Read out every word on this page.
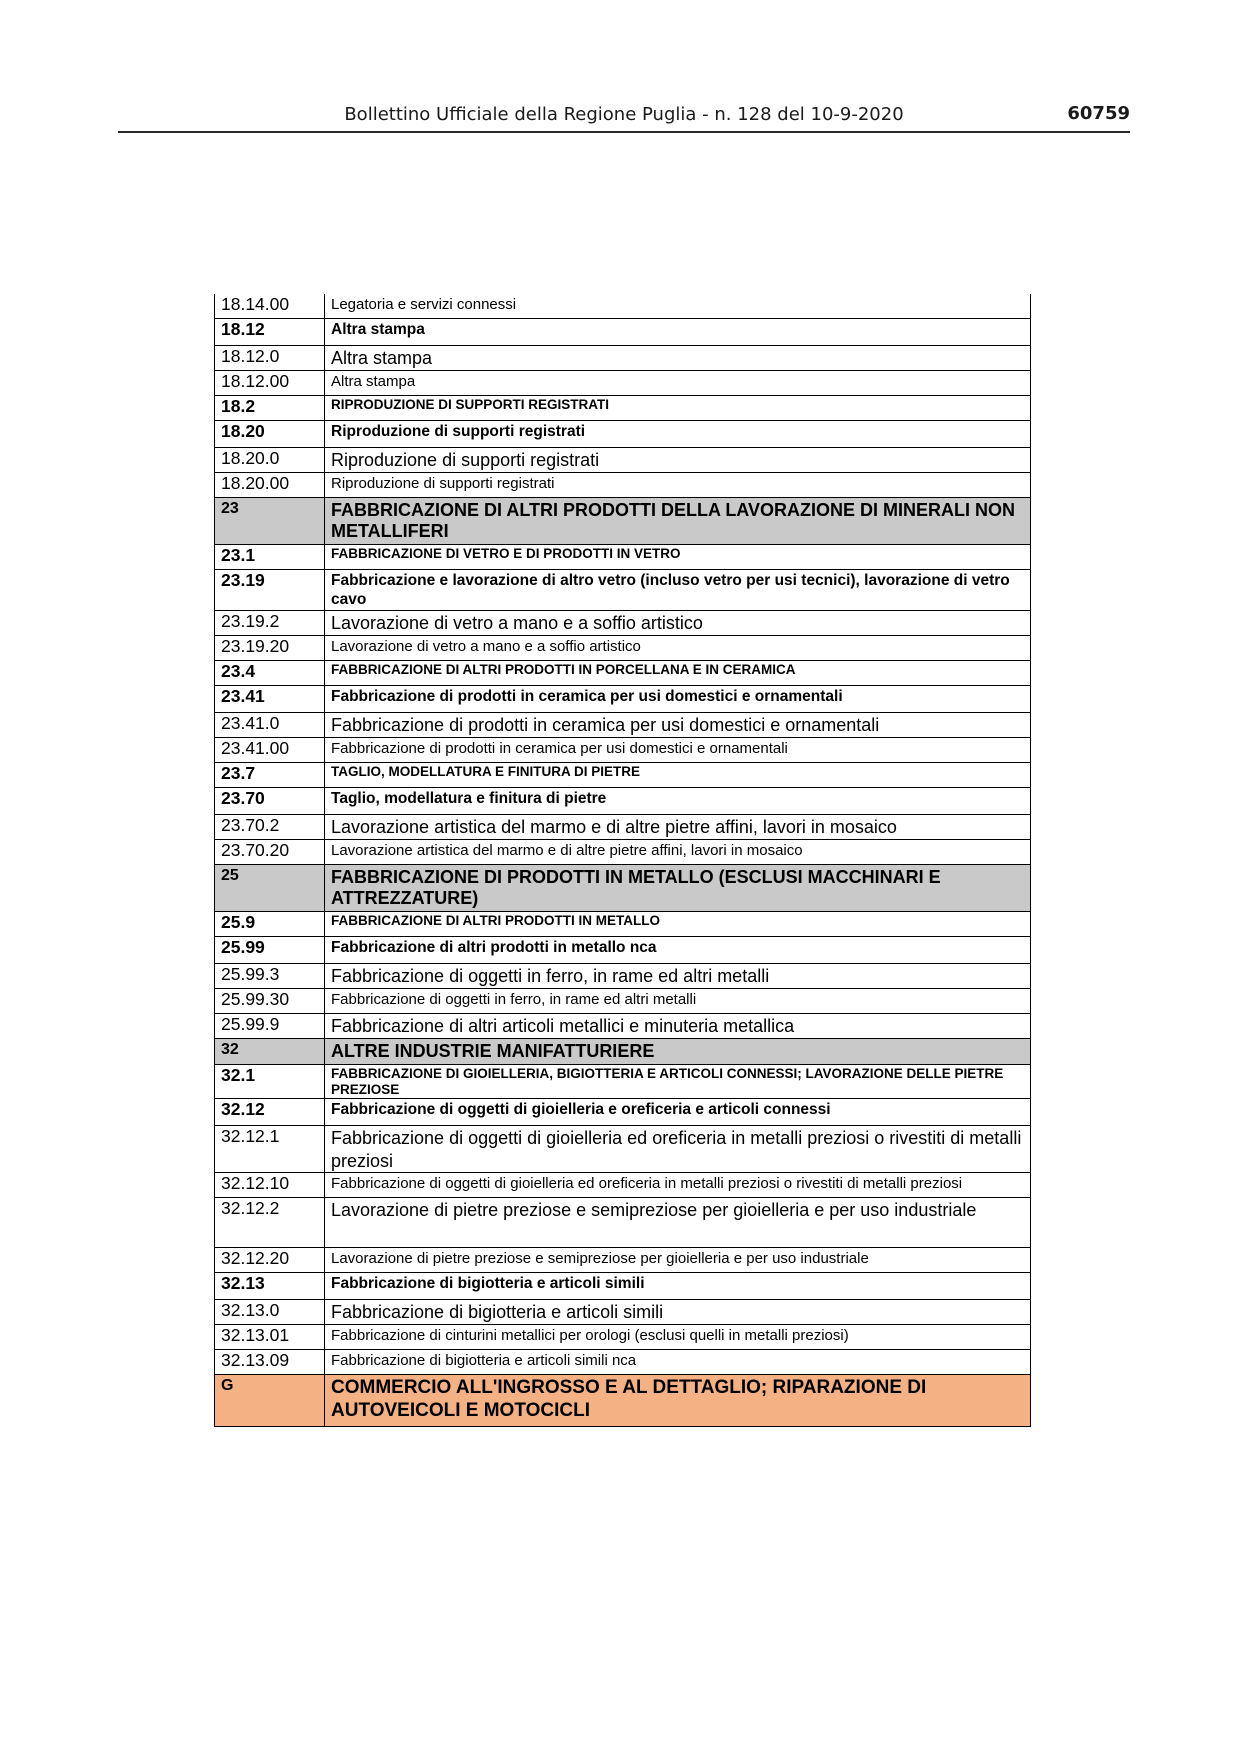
Bollettino Ufficiale della Regione Puglia - n. 128 del 10-9-2020	60759
18.14.00	Legatoria e servizi connessi
18.12	Altra stampa
18.12.0	Altra stampa
18.12.00	Altra stampa
18.2	RIPRODUZIONE DI SUPPORTI REGISTRATI
18.20	Riproduzione di supporti registrati
18.20.0	Riproduzione di supporti registrati
18.20.00	Riproduzione di supporti registrati
23	FABBRICAZIONE DI ALTRI PRODOTTI DELLA LAVORAZIONE DI MINERALI NON METALLIFERI
23.1	FABBRICAZIONE DI VETRO E DI PRODOTTI IN VETRO
23.19	Fabbricazione e lavorazione di altro vetro (incluso vetro per usi tecnici), lavorazione di vetro cavo
23.19.2	Lavorazione di vetro a mano e a soffio artistico
23.19.20	Lavorazione di vetro a mano e a soffio artistico
23.4	FABBRICAZIONE DI ALTRI PRODOTTI IN PORCELLANA E IN CERAMICA
23.41	Fabbricazione di prodotti in ceramica per usi domestici e ornamentali
23.41.0	Fabbricazione di prodotti in ceramica per usi domestici e ornamentali
23.41.00	Fabbricazione di prodotti in ceramica per usi domestici e ornamentali
23.7	TAGLIO, MODELLATURA E FINITURA DI PIETRE
23.70	Taglio, modellatura e finitura di pietre
23.70.2	Lavorazione artistica del marmo e di altre pietre affini, lavori in mosaico
23.70.20	Lavorazione artistica del marmo e di altre pietre affini, lavori in mosaico
25	FABBRICAZIONE DI PRODOTTI IN METALLO (ESCLUSI MACCHINARI E ATTREZZATURE)
25.9	FABBRICAZIONE DI ALTRI PRODOTTI IN METALLO
25.99	Fabbricazione di altri prodotti in metallo nca
25.99.3	Fabbricazione di oggetti in ferro, in rame ed altri metalli
25.99.30	Fabbricazione di oggetti in ferro, in rame ed altri metalli
25.99.9	Fabbricazione di altri articoli metallici e minuteria metallica
32	ALTRE INDUSTRIE MANIFATTURIERE
32.1	FABBRICAZIONE DI GIOIELLERIA, BIGIOTTERIA E ARTICOLI CONNESSI; LAVORAZIONE DELLE PIETRE PREZIOSE
32.12	Fabbricazione di oggetti di gioielleria e oreficeria e articoli connessi
32.12.1	Fabbricazione di oggetti di gioielleria ed oreficeria in metalli preziosi o rivestiti di metalli preziosi
32.12.10	Fabbricazione di oggetti di gioielleria ed oreficeria in metalli preziosi o rivestiti di metalli preziosi
32.12.2	Lavorazione di pietre preziose e semipreziose per gioielleria e per uso industriale
32.12.20	Lavorazione di pietre preziose e semipreziose per gioielleria e per uso industriale
32.13	Fabbricazione di bigiotteria e articoli simili
32.13.0	Fabbricazione di bigiotteria e articoli simili
32.13.01	Fabbricazione di cinturini metallici per orologi (esclusi quelli in metalli preziosi)
32.13.09	Fabbricazione di bigiotteria e articoli simili nca
G	COMMERCIO ALL'INGROSSO E AL DETTAGLIO; RIPARAZIONE DI AUTOVEICOLI E MOTOCICLI
